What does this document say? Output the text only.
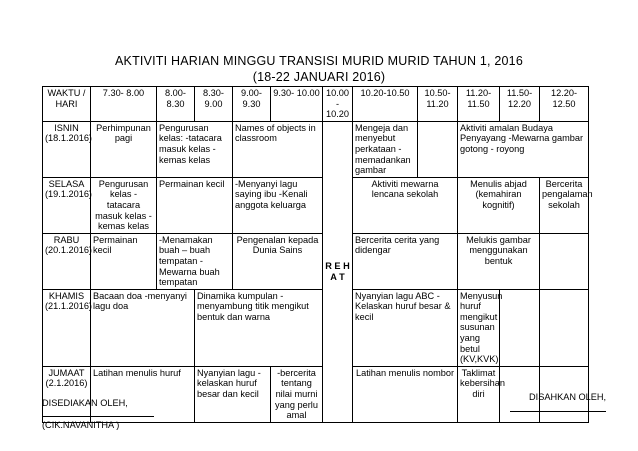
AKTIVITI HARIAN MINGGU TRANSISI MURID MURID TAHUN 1, 2016
(18-22 JANUARI 2016)
WAKTU / HARI	7.30- 8.00	8.00- 8.30	8.30- 9.00	9.00- 9.30	9.30- 10.00	10.00 - 10.20	10.20-10.50	10.50- 11.20	11.20- 11.50	11.50- 12.20	12.20-12.50
ISNIN (18.1.2016)	Perhimpunan pagi	Pengurusan kelas: -tatacara masuk kelas -kemas kelas		Names of objects in classroom		R E H A T	Mengeja dan menyebut perkataan -memadankan gambar		Aktiviti amalan Budaya Penyayang -Mewarna gambar gotong - royong		
SELASA (19.1.2016)	Pengurusan kelas - tatacara masuk kelas -kemas kelas	Permainan kecil		-Menyanyi lagu saying ibu -Kenali anggota keluarga			Aktiviti mewarna lencana sekolah		Menulis abjad (kemahiran kognitif)		Bercerita pengalaman sekolah
RABU (20.1.2016)	Permainan kecil	-Menamakan buah – buah tempatan -Mewarna buah tempatan		Pengenalan kepada Dunia Sains			Bercerita cerita yang didengar		Melukis gambar menggunakan bentuk		
KHAMIS (21.1.2016)	Bacaan doa -menyanyi lagu doa		Dinamika kumpulan -menyambung titik mengikut bentuk dan warna				Nyanyian lagu ABC -Kelaskan huruf besar & kecil		Menyusun huruf mengikut susunan yang betul (KV,KVK)		
JUMAAT (2.1.2016)	Latihan menulis huruf		Nyanyian lagu -kelaskan huruf besar dan kecil		-bercerita tentang nilai murni yang perlu amal		Latihan menulis nombor		Taklimat kebersihan diri		
DISEDIAKAN OLEH,
(CIK.NAVANITHA )
DISAHKAN OLEH,
